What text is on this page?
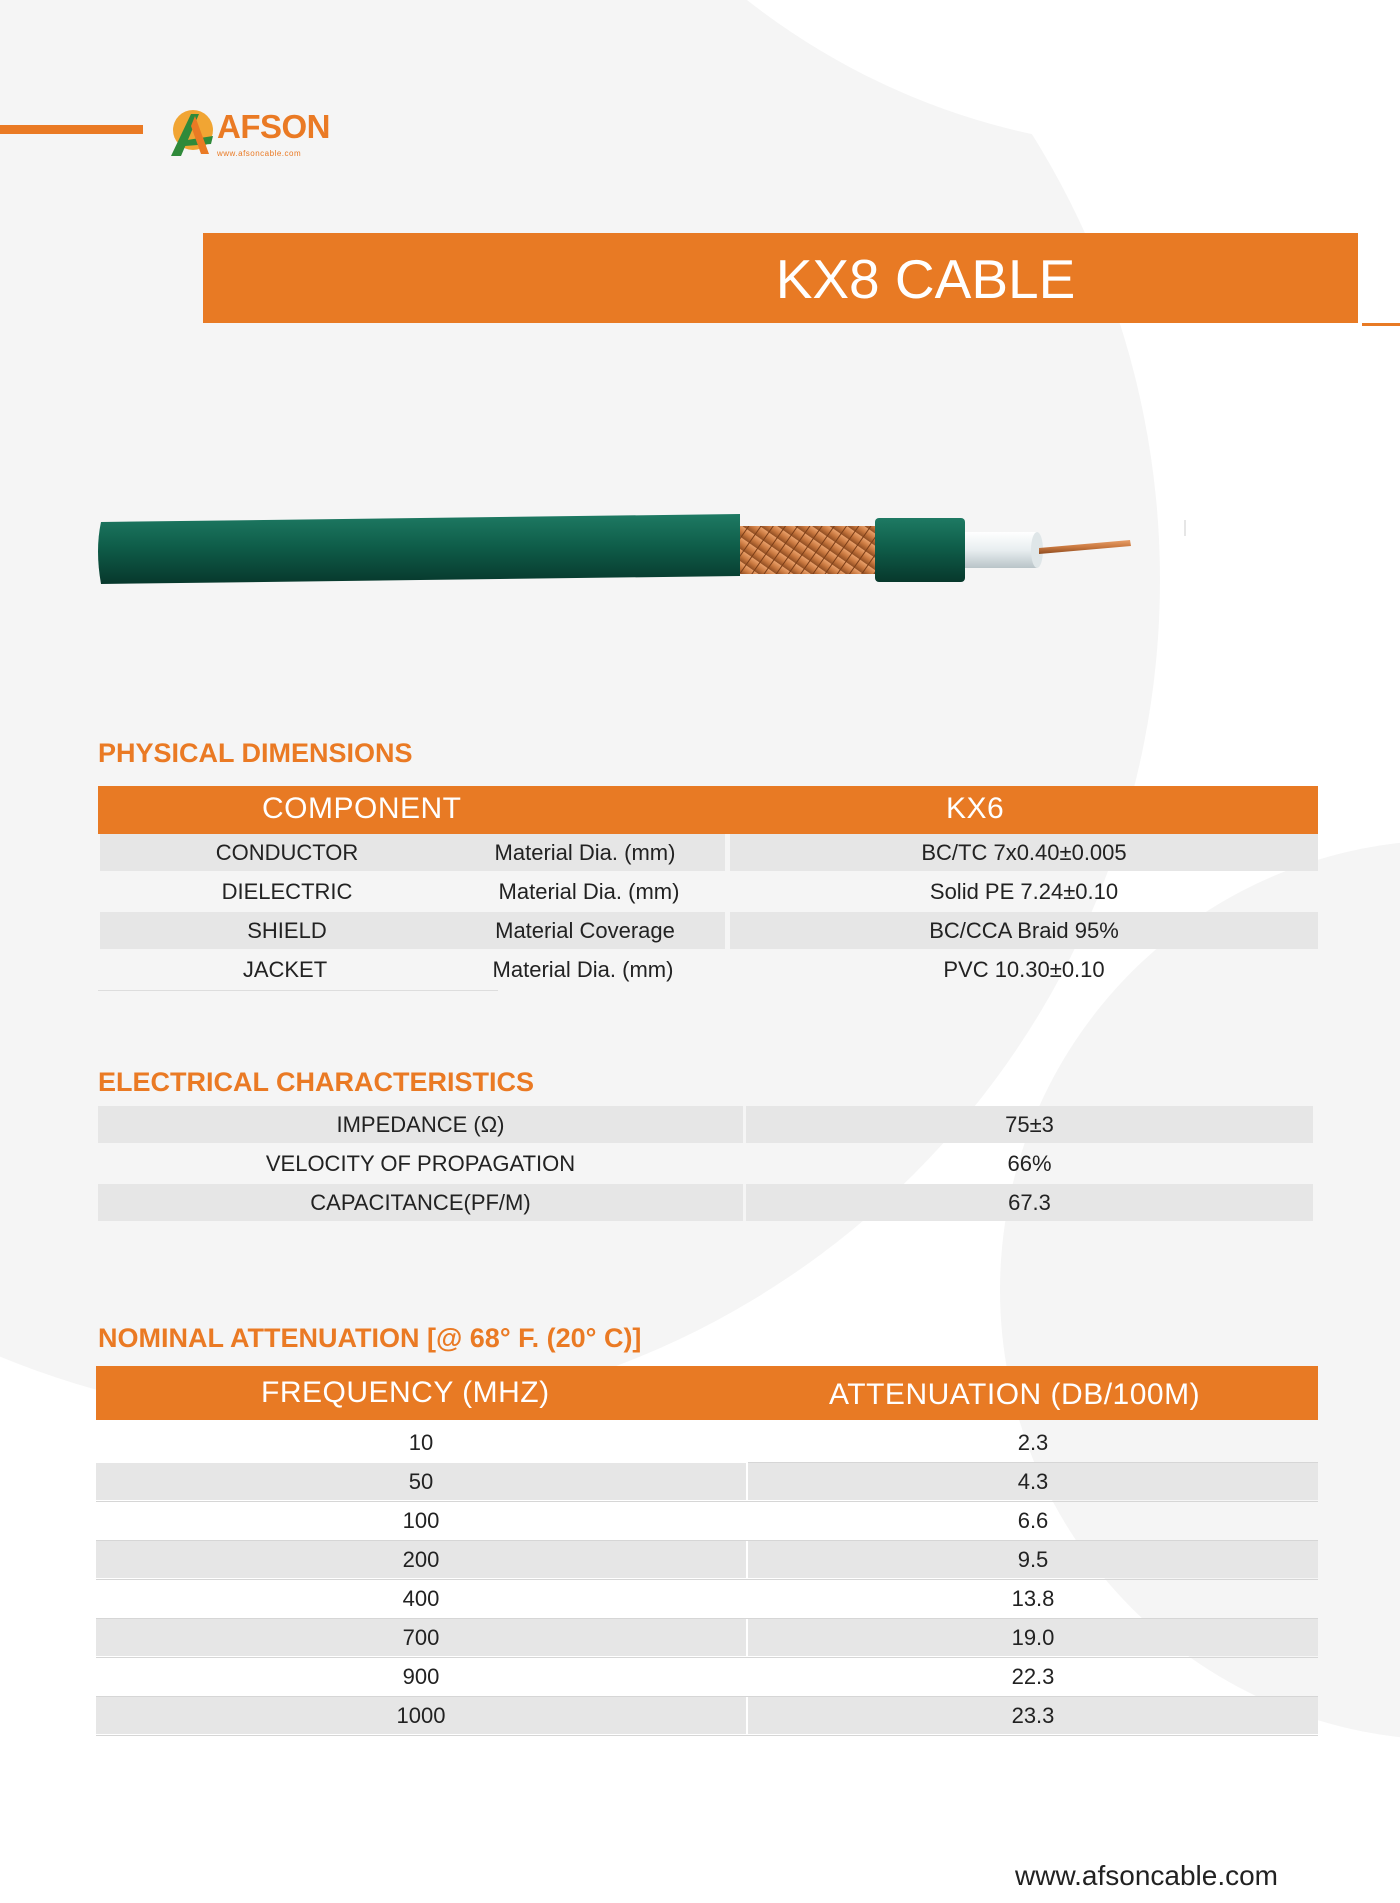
AFSON
www.afsoncable.com
KX8 CABLE
PHYSICAL DIMENSIONS
COMPONENT	KX6
CONDUCTOR	Material Dia. (mm)	BC/TC 7x0.40±0.005
DIELECTRIC	Material Dia. (mm)	Solid PE 7.24±0.10
SHIELD	Material Coverage	BC/CCA Braid 95%
JACKET	Material Dia. (mm)	PVC 10.30±0.10
ELECTRICAL CHARACTERISTICS
IMPEDANCE (Ω)	75±3
VELOCITY OF PROPAGATION	66%
CAPACITANCE(PF/M)	67.3
NOMINAL ATTENUATION [@ 68° F. (20° C)]
FREQUENCY (MHZ)	ATTENUATION (DB/100M)
10	2.3
50	4.3
100	6.6
200	9.5
400	13.8
700	19.0
900	22.3
1000	23.3
www.afsoncable.com
